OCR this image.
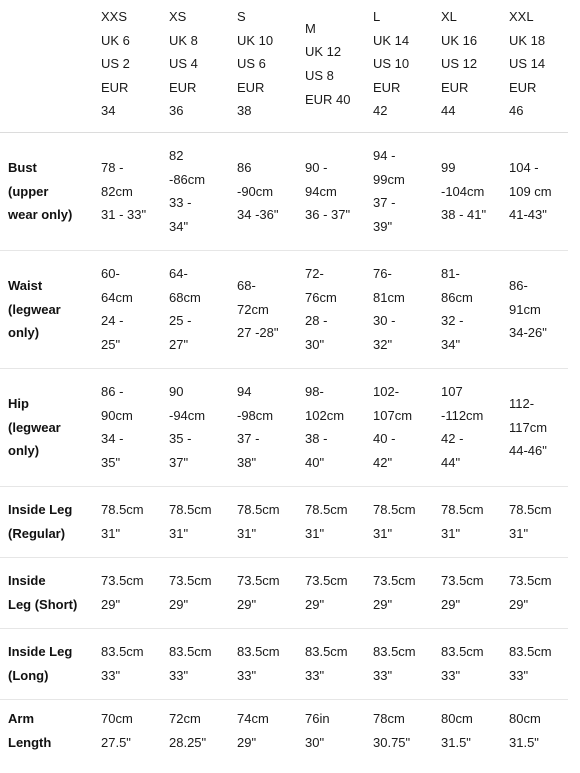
	XXS
UK 6
US 2
EUR
34	XS
UK 8
US 4
EUR
36	S
UK 10
US 6
EUR
38	M
UK 12
US 8
EUR 40	L
UK 14
US 10
EUR
42	XL
UK 16
US 12
EUR
44	XXL
UK 18
US 14
EUR
46

Bust
(upper
wear only)	78 -
82cm
31 - 33"	82
-86cm
33 -
34"	86
-90cm
34 -36"	90 -
94cm
36 - 37"	94 -
99cm
37 -
39"	99
-104cm
38 - 41"	104 -
109 cm
41-43"

Waist
(legwear
only)	60-
64cm
24 -
25"	64-
68cm
25 -
27"	68-
72cm
27 -28"	72-
76cm
28 -
30"	76-
81cm
30 -
32"	81-
86cm
32 -
34"	86-
91cm
34-26"

Hip
(legwear
only)	86 -
90cm
34 -
35"	90
-94cm
35 -
37"	94
-98cm
37 -
38"	98-
102cm
38 -
40"	102-
107cm
40 -
42"	107
-112cm
42 -
44"	112-
117cm
44-46"

Inside Leg
(Regular)	78.5cm
31"	78.5cm
31"	78.5cm
31"	78.5cm
31"	78.5cm
31"	78.5cm
31"	78.5cm
31"

Inside
Leg (Short)	73.5cm
29"	73.5cm
29"	73.5cm
29"	73.5cm
29"	73.5cm
29"	73.5cm
29"	73.5cm
29"

Inside Leg
(Long)	83.5cm
33"	83.5cm
33"	83.5cm
33"	83.5cm
33"	83.5cm
33"	83.5cm
33"	83.5cm
33"

Arm
Length	70cm
27.5"	72cm
28.25"	74cm
29"	76in
30"	78cm
30.75"	80cm
31.5"	80cm
31.5"
